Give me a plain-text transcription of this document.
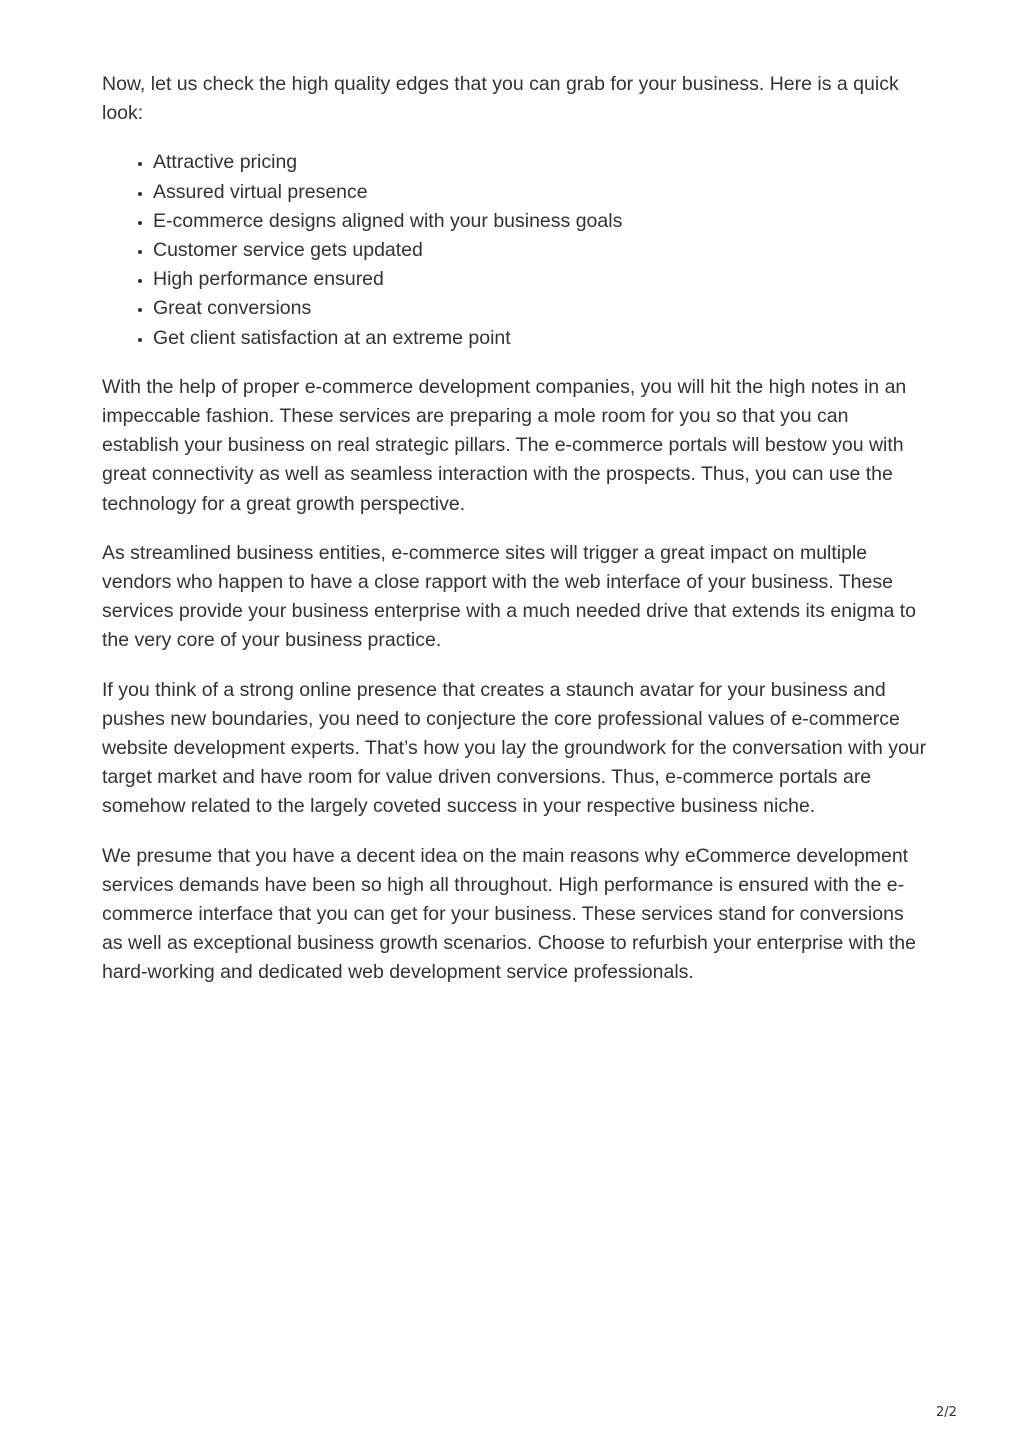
Now, let us check the high quality edges that you can grab for your business. Here is a quick look:

• Attractive pricing
• Assured virtual presence
• E-commerce designs aligned with your business goals
• Customer service gets updated
• High performance ensured
• Great conversions
• Get client satisfaction at an extreme point

With the help of proper e-commerce development companies, you will hit the high notes in an impeccable fashion. These services are preparing a mole room for you so that you can establish your business on real strategic pillars. The e-commerce portals will bestow you with great connectivity as well as seamless interaction with the prospects. Thus, you can use the technology for a great growth perspective.

As streamlined business entities, e-commerce sites will trigger a great impact on multiple vendors who happen to have a close rapport with the web interface of your business. These services provide your business enterprise with a much needed drive that extends its enigma to the very core of your business practice.

If you think of a strong online presence that creates a staunch avatar for your business and pushes new boundaries, you need to conjecture the core professional values of e-commerce website development experts. That’s how you lay the groundwork for the conversation with your target market and have room for value driven conversions. Thus, e-commerce portals are somehow related to the largely coveted success in your respective business niche.

We presume that you have a decent idea on the main reasons why eCommerce development services demands have been so high all throughout. High performance is ensured with the e-commerce interface that you can get for your business. These services stand for conversions as well as exceptional business growth scenarios. Choose to refurbish your enterprise with the hard-working and dedicated web development service professionals.

2/2
